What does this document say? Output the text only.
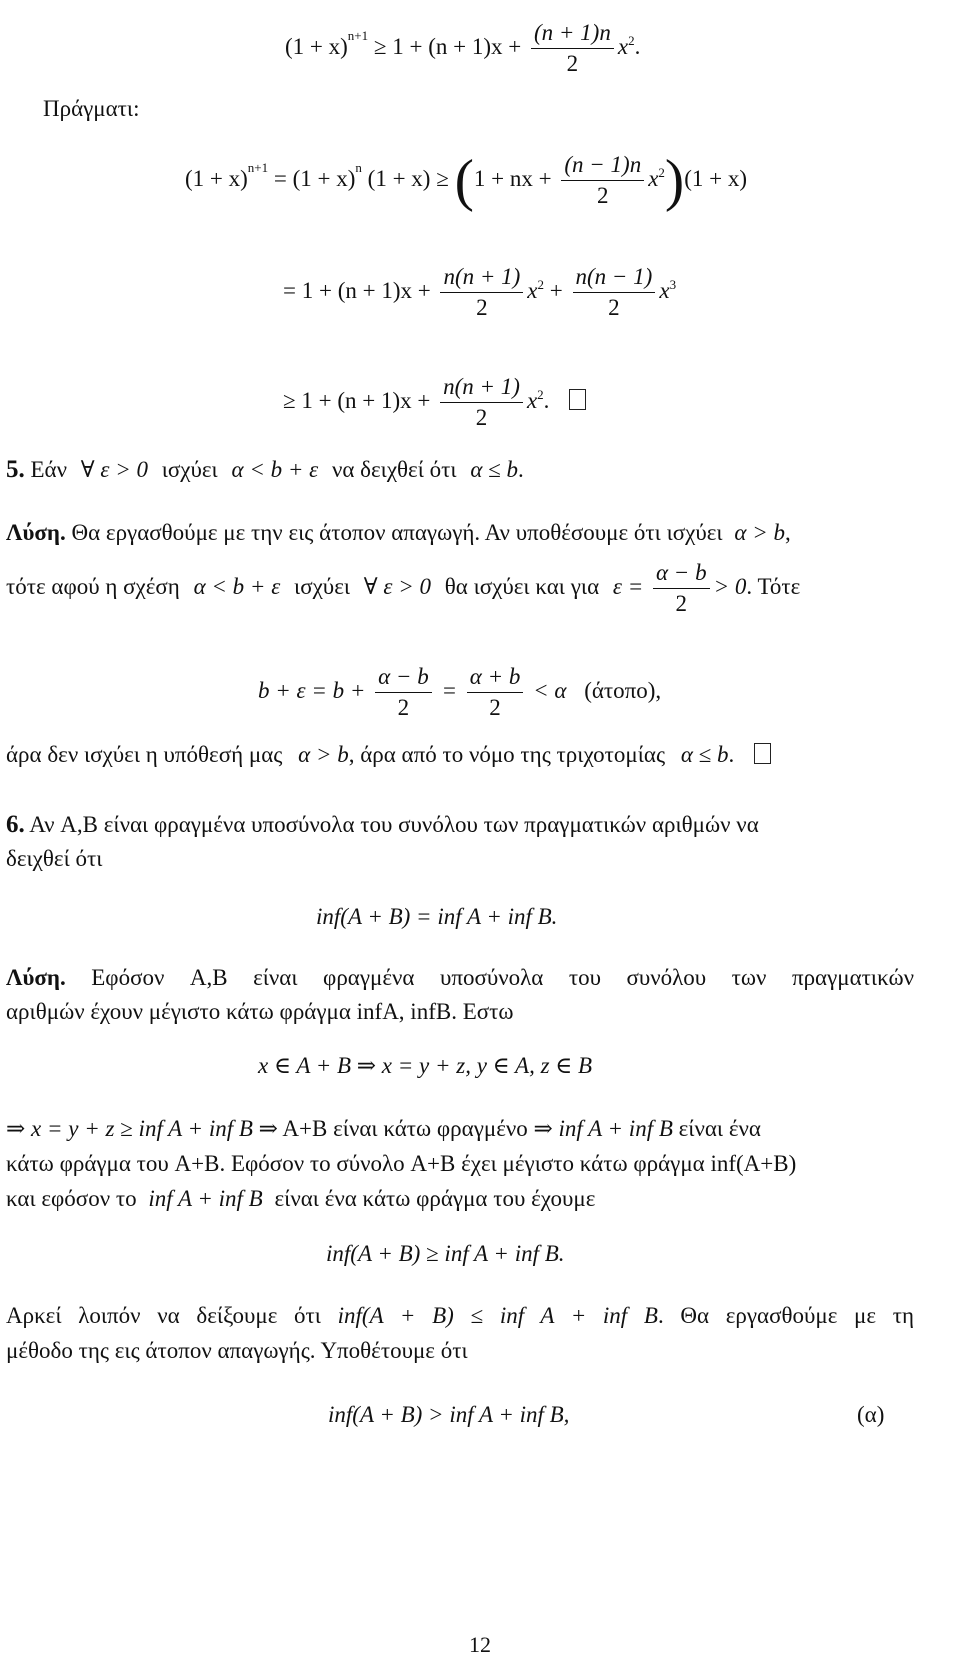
$(1 + x)^{n+1} \ge 1 + (n + 1)x + \frac{(n + 1)n}{2} x^2$.
Πράγματι:
$(1 + x)^{n+1} = (1 + x)^n$ (1 + x) ≥ (1 + nx + $\frac{(n - 1)n}{2} x^2)(1 + x)$
= $1 + (n + 1)x + \frac{n(n + 1)}{2} x^2 + \frac{n(n - 1)}{2} x^3$
≥ $1 + (n + 1)x + \frac{n(n + 1)}{2} x^2$.
5. Εάν ∀ ε > 0 ισχύει α < b + ε να δειχθεί ότι α ≤ b.
Λύση. Θα εργασθούμε με την εις άτοπον απαγωγή. Αν υποθέσουμε ότι ισχύει α > b,
τότε αφού η σχέση α < b + ε ισχύει ∀ ε > 0 θα ισχύει και για $\varepsilon = \frac{\alpha - b}{2} > 0$. Τότε
$b + \varepsilon = b + \frac{\alpha - b}{2} = \frac{\alpha + b}{2} < \alpha$ (άτοπο),
άρα δεν ισχύει η υπόθεσή μας α > b, άρα από το νόμο της τριχοτομίας α ≤ b.
6. Αν A,B είναι φραγμένα υποσύνολα του συνόλου των πραγματικών αριθμών να
δειχθεί ότι
inf(A + B) = inf A + inf B.
Λύση. Εφόσον A,B είναι φραγμένα υποσύνολα του συνόλου των πραγματικών
αριθμών έχουν μέγιστο κάτω φράγμα infA, infB. Εστω
x ∈ A + B ⇒ x = y + z, y ∈ A, z ∈ B
⇒ x = y + z ≥ inf A + inf B ⇒ A+B είναι κάτω φραγμένο ⇒ inf A + inf B είναι ένα
κάτω φράγμα του A+B. Εφόσον το σύνολο A+B έχει μέγιστο κάτω φράγμα inf(A+B)
και εφόσον το inf A + inf B είναι ένα κάτω φράγμα του έχουμε
inf(A + B) ≥ inf A + inf B.
Αρκεί λοιπόν να δείξουμε ότι inf(A + B) ≤ inf A + inf B. Θα εργασθούμε με τη
μέθοδο της εις άτοπον απαγωγής. Υποθέτουμε ότι
inf(A + B) > inf A + inf B,	(α)
12
